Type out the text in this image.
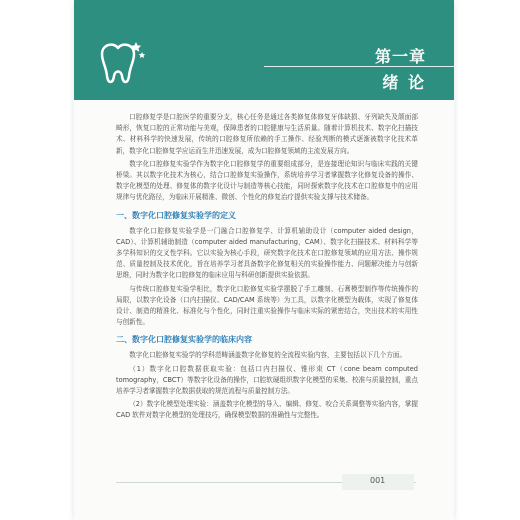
第一章
绪 论

口腔修复学是口腔医学的重要分支，核心任务是通过各类修复体修复牙体缺损、牙列缺失及颌面部畸形，恢复口腔的正常功能与美观，保障患者的口腔健康与生活质量。随着计算机技术、数字化扫描技术、材料科学的快速发展，传统的口腔修复所依赖的手工操作、经验判断的模式逐渐被数字化技术革新，数字化口腔修复学应运而生并迅速发展，成为口腔修复领域的主流发展方向。

数字化口腔修复实验学作为数字化口腔修复学的重要组成部分，是连接理论知识与临床实践的关键桥梁。其以数字化技术为核心，结合口腔修复实验操作，系统培养学习者掌握数字化修复设备的操作、数字化模型的处理、修复体的数字化设计与制造等核心技能，同时探索数字化技术在口腔修复中的应用规律与优化路径，为临床开展精准、微创、个性化的修复治疗提供实验支撑与技术储备。

一、数字化口腔修复实验学的定义

数字化口腔修复实验学是一门融合口腔修复学、计算机辅助设计（computer aided design，CAD）、计算机辅助制造（computer aided manufacturing，CAM）、数字化扫描技术、材料科学等多学科知识的交叉性学科。它以实验为核心手段，研究数字化技术在口腔修复领域的应用方法、操作规范、质量控制及技术优化，旨在培养学习者具备数字化修复相关的实验操作能力、问题解决能力与创新思维，同时为数字化口腔修复的临床应用与科研创新提供实验依据。

与传统口腔修复实验学相比，数字化口腔修复实验学摆脱了手工雕刻、石膏模型制作等传统操作的局限，以数字化设备（口内扫描仪、CAD/CAM 系统等）为工具，以数字化模型为载体，实现了修复体设计、制造的精准化、标准化与个性化，同时注重实验操作与临床实际的紧密结合，突出技术的实用性与创新性。

二、数字化口腔修复实验学的临床内容

数字化口腔修复实验学的学科范畴涵盖数字化修复的全流程实验内容，主要包括以下几个方面。

（1）数字化口腔数据获取实验：包括口内扫描仪、锥形束 CT（cone beam computed tomography，CBCT）等数字化设备的操作，口腔软硬组织数字化模型的采集、校准与质量控制，重点培养学习者掌握数字化数据获取的规范流程与质量控制方法。

（2）数字化模型处理实验：涵盖数字化模型的导入、编辑、修复、咬合关系调整等实验内容，掌握 CAD 软件对数字化模型的处理技巧，确保模型数据的准确性与完整性。

001
